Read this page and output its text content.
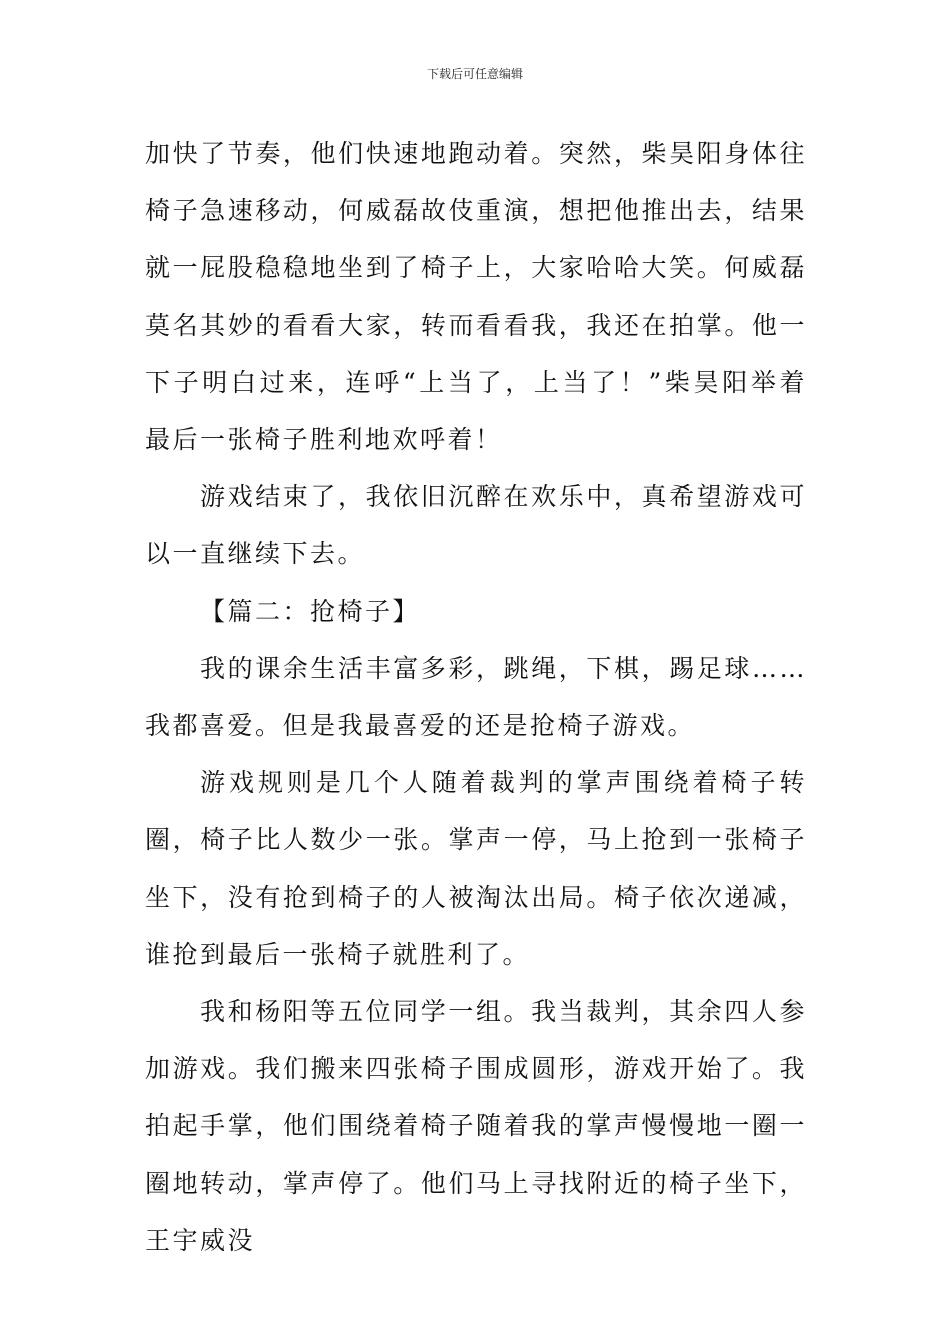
下载后可任意编辑

加快了节奏，他们快速地跑动着。突然，柴昊阳身体往椅子急速移动，何威磊故伎重演，想把他推出去，结果就一屁股稳稳地坐到了椅子上，大家哈哈大笑。何威磊莫名其妙的看看大家，转而看看我，我还在拍掌。他一下子明白过来，连呼“上当了，上当了！”柴昊阳举着最后一张椅子胜利地欢呼着！

游戏结束了，我依旧沉醉在欢乐中，真希望游戏可以一直继续下去。

【篇二：抢椅子】

我的课余生活丰富多彩，跳绳，下棋，踢足球……我都喜爱。但是我最喜爱的还是抢椅子游戏。

游戏规则是几个人随着裁判的掌声围绕着椅子转圈，椅子比人数少一张。掌声一停，马上抢到一张椅子坐下，没有抢到椅子的人被淘汰出局。椅子依次递减，谁抢到最后一张椅子就胜利了。

我和杨阳等五位同学一组。我当裁判，其余四人参加游戏。我们搬来四张椅子围成圆形，游戏开始了。我拍起手掌，他们围绕着椅子随着我的掌声慢慢地一圈一圈地转动，掌声停了。他们马上寻找附近的椅子坐下，王宇威没
